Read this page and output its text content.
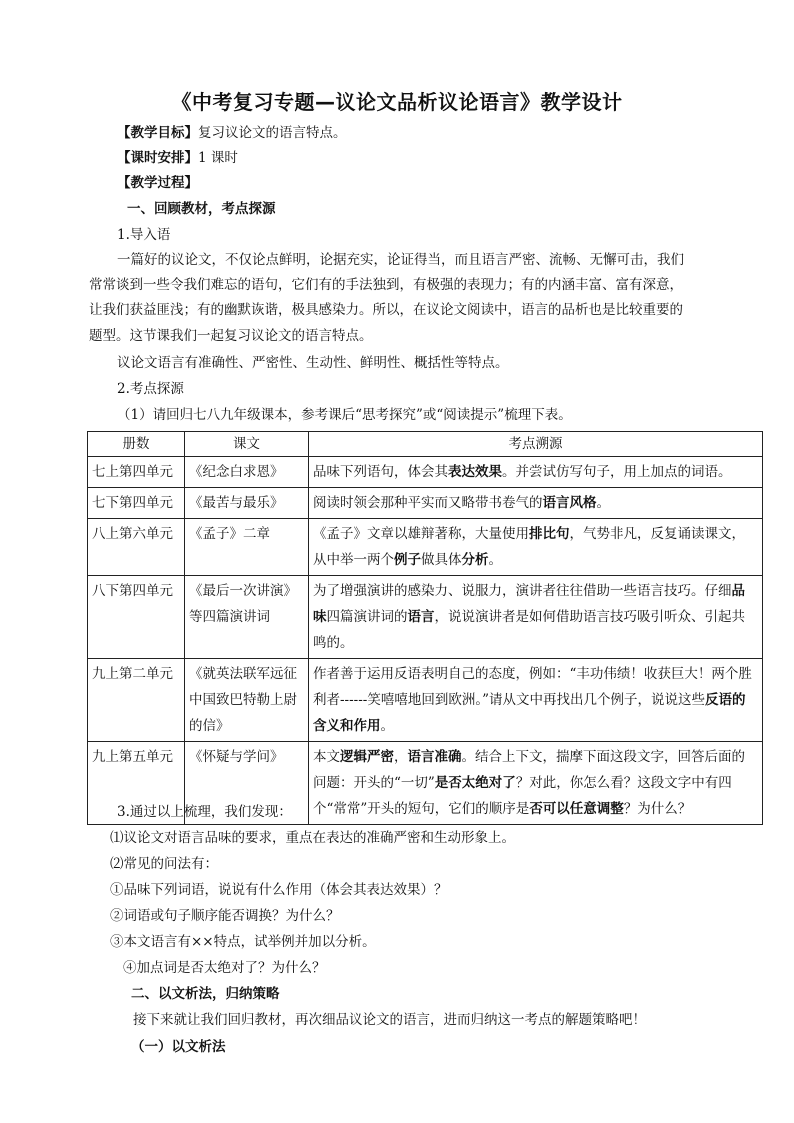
《中考复习专题—议论文品析议论语言》教学设计
【教学目标】复习议论文的语言特点。
【课时安排】1 课时
【教学过程】
一、回顾教材，考点探源
1.导入语
一篇好的议论文，不仅论点鲜明，论据充实，论证得当，而且语言严密、流畅、无懈可击，我们
常常谈到一些令我们难忘的语句，它们有的手法独到，有极强的表现力；有的内涵丰富、富有深意，
让我们获益匪浅；有的幽默诙谐，极具感染力。所以，在议论文阅读中，语言的品析也是比较重要的
题型。这节课我们一起复习议论文的语言特点。
议论文语言有准确性、严密性、生动性、鲜明性、概括性等特点。
2.考点探源
（1）请回归七八九年级课本，参考课后“思考探究”或“阅读提示”梳理下表。
册数	课文	考点溯源
七上第四单元	《纪念白求恩》	品味下列语句，体会其表达效果。并尝试仿写句子，用上加点的词语。
七下第四单元	《最苦与最乐》	阅读时领会那种平实而又略带书卷气的语言风格。
八上第六单元	《孟子》二章	《孟子》文章以雄辩著称，大量使用排比句，气势非凡，反复诵读课文，从中举一两个例子做具体分析。
八下第四单元	《最后一次讲演》等四篇演讲词	为了增强演讲的感染力、说服力，演讲者往往借助一些语言技巧。仔细品味四篇演讲词的语言，说说演讲者是如何借助语言技巧吸引听众、引起共鸣的。
九上第二单元	《就英法联军远征中国致巴特勒上尉的信》	作者善于运用反语表明自己的态度，例如：“丰功伟绩！收获巨大！两个胜利者------笑嘻嘻地回到欧洲。”请从文中再找出几个例子，说说这些反语的含义和作用。
九上第五单元	《怀疑与学问》	本文逻辑严密，语言准确。结合上下文，揣摩下面这段文字，回答后面的问题：开头的“一切”是否太绝对了？对此，你怎么看？这段文字中有四个“常常”开头的短句，它们的顺序是否可以任意调整？为什么？
3.通过以上梳理，我们发现：
⑴议论文对语言品味的要求，重点在表达的准确严密和生动形象上。
⑵常见的问法有：
①品味下列词语，说说有什么作用（体会其表达效果）？
②词语或句子顺序能否调换？为什么？
③本文语言有××特点，试举例并加以分析。
④加点词是否太绝对了？为什么？
二、以文析法，归纳策略
接下来就让我们回归教材，再次细品议论文的语言，进而归纳这一考点的解题策略吧！
（一）以文析法
